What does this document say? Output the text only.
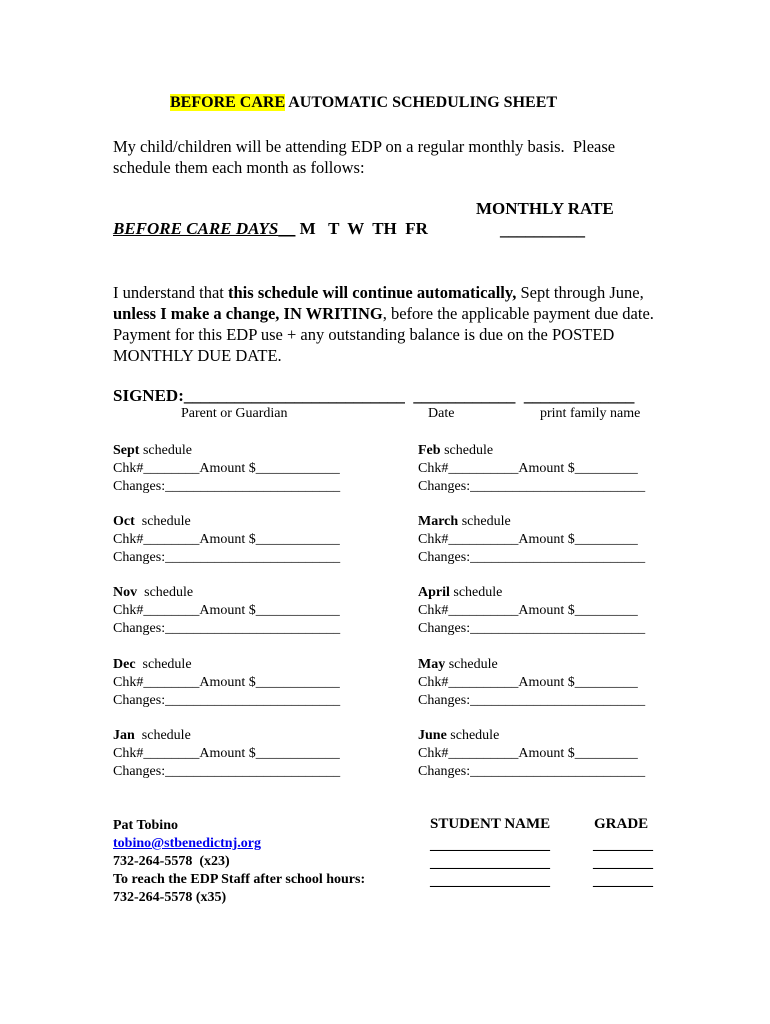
BEFORE CARE AUTOMATIC SCHEDULING SHEET
My child/children will be attending EDP on a regular monthly basis.  Please
schedule them each month as follows:
MONTHLY RATE
__________
BEFORE CARE DAYS__ M   T  W  TH  FR
I understand that this schedule will continue automatically, Sept through June, unless I make a change, IN WRITING, before the applicable payment due date. Payment for this EDP use + any outstanding balance is due on the POSTED MONTHLY DUE DATE.
SIGNED:__________________________  ____________  _____________
Parent or Guardian	Date	print family name
Sept schedule
Chk#________Amount $____________
Changes:_________________________
Oct  schedule
Chk#________Amount $____________
Changes:_________________________
Nov  schedule
Chk#________Amount $____________
Changes:_________________________
Dec  schedule
Chk#________Amount $____________
Changes:_________________________
Jan  schedule
Chk#________Amount $____________
Changes:_________________________
Feb schedule
Chk#__________Amount $_________
Changes:_________________________
March schedule
Chk#__________Amount $_________
Changes:_________________________
April schedule
Chk#__________Amount $_________
Changes:_________________________
May schedule
Chk#__________Amount $_________
Changes:_________________________
June schedule
Chk#__________Amount $_________
Changes:_________________________
Pat Tobino
tobino@stbenedictnj.org
732-264-5578  (x23)
To reach the EDP Staff after school hours:
732-264-5578 (x35)
STUDENT NAME	GRADE
________________
________________
________________
________
________
________
